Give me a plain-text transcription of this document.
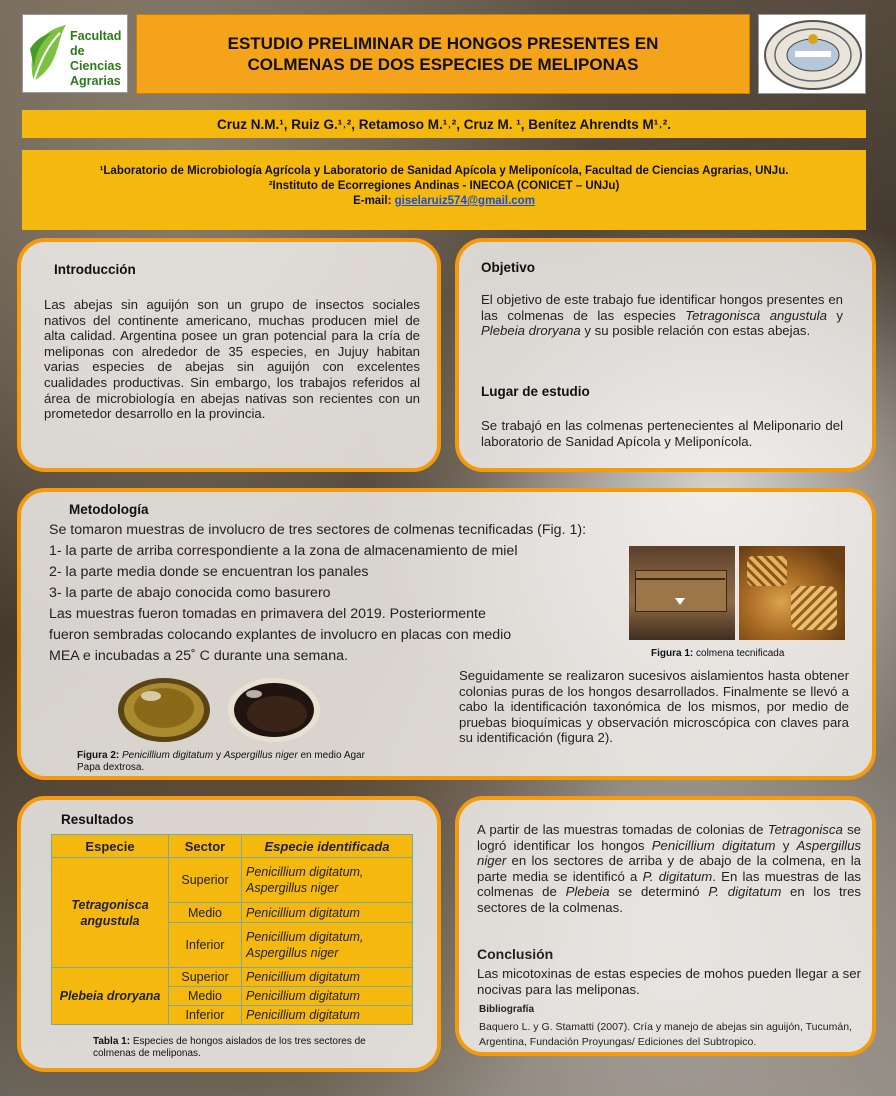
Facultad
de Ciencias
Agrarias
ESTUDIO PRELIMINAR DE HONGOS PRESENTES EN
COLMENAS DE DOS ESPECIES DE MELIPONAS
Cruz N.M.¹, Ruiz G.¹˒², Retamoso M.¹˒², Cruz M. ¹, Benítez Ahrendts M¹˒².
¹Laboratorio de Microbiología Agrícola y Laboratorio de Sanidad Apícola y Meliponícola, Facultad de Ciencias Agrarias, UNJu.
²Instituto de Ecorregiones Andinas - INECOA (CONICET – UNJu)
E-mail: giselaruiz574@gmail.com
Introducción
Las abejas sin aguijón son un grupo de insectos sociales nativos del continente americano, muchas producen miel de alta calidad. Argentina posee un gran potencial para la cría de meliponas con alrededor de 35 especies, en Jujuy habitan varias especies de abejas sin aguijón con excelentes cualidades productivas. Sin embargo, los trabajos referidos al área de microbiología en abejas nativas son recientes con un prometedor desarrollo en la provincia.
Objetivo
El objetivo de este trabajo fue identificar hongos presentes en las colmenas de las especies Tetragonisca angustula y Plebeia droryana y su posible relación con estas abejas.
Lugar de estudio
Se trabajó en las colmenas pertenecientes al Meliponario del laboratorio de Sanidad Apícola y Meliponícola.
Metodología
Se tomaron muestras de involucro de tres sectores de colmenas tecnificadas (Fig. 1):
1- la parte de arriba correspondiente a la zona de almacenamiento de miel
2- la parte media donde se encuentran los panales
3- la parte de abajo conocida como basurero
Las muestras fueron tomadas en primavera del 2019. Posteriormente
fueron sembradas colocando explantes de involucro en placas con medio
MEA e incubadas a 25˚ C durante una semana.	Figura 1: colmena tecnificada
Seguidamente se realizaron sucesivos aislamientos hasta obtener colonias puras de los hongos desarrollados. Finalmente se llevó a cabo la identificación taxonómica de los mismos, por medio de pruebas bioquímicas y observación microscópica con claves para su identificación (figura 2).
Figura 2: Penicillium digitatum y Aspergillus niger en medio Agar Papa dextrosa.
Resultados
Especie	Sector	Especie identificada
Tetragonisca angustula	Superior	Penicillium digitatum, Aspergillus niger
	Medio	Penicillium digitatum
	Inferior	Penicillium digitatum, Aspergillus niger
Plebeia droryana	Superior	Penicillium digitatum
	Medio	Penicillium digitatum
	Inferior	Penicillium digitatum
Tabla 1: Especies de hongos aislados de los tres sectores de colmenas de meliponas.
A partir de las muestras tomadas de colonias de Tetragonisca se logró identificar los hongos Penicillium digitatum y Aspergillus niger en los sectores de arriba y de abajo de la colmena, en la parte media se identificó a P. digitatum. En las muestras de las colmenas de Plebeia se determinó P. digitatum en los tres sectores de la colmenas.
Conclusión
Las micotoxinas de estas especies de mohos pueden llegar a ser nocivas para las meliponas.
Bibliografía
Baquero L. y G. Stamatti (2007). Cría y manejo de abejas sin aguijón, Tucumán, Argentina, Fundación Proyungas/ Ediciones del Subtropico.
